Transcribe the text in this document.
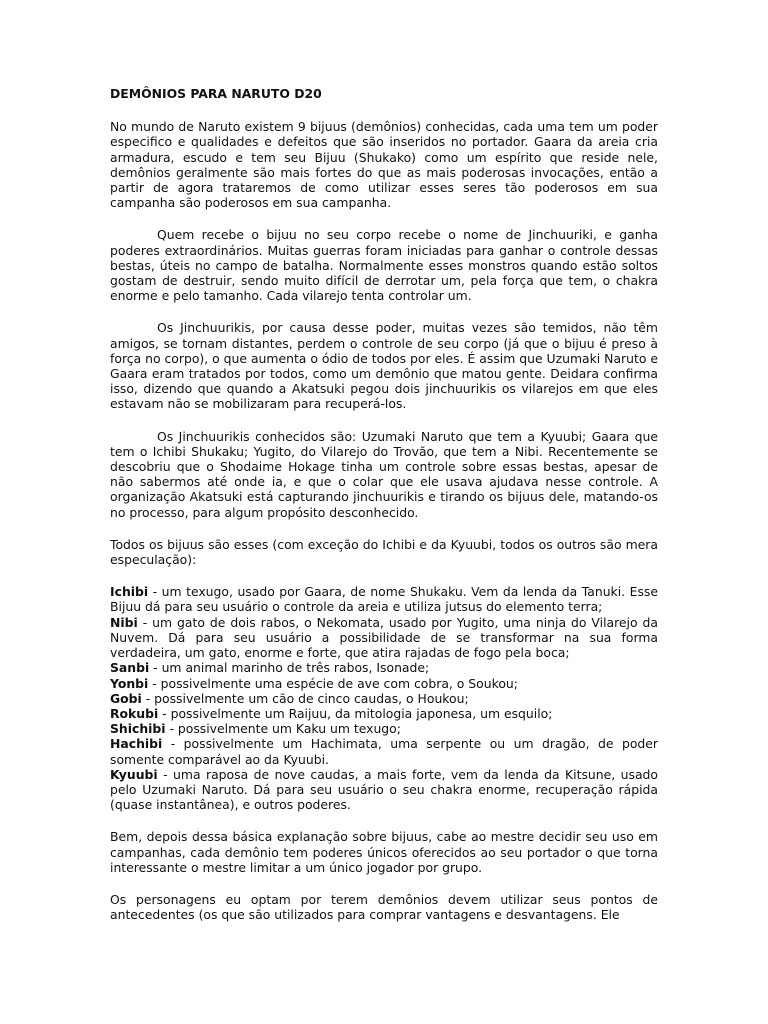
DEMÔNIOS PARA NARUTO D20

No mundo de Naruto existem 9 bijuus (demônios) conhecidas, cada uma tem um poder especifico e qualidades e defeitos que são inseridos no portador. Gaara da areia cria armadura, escudo e tem seu Bijuu (Shukako) como um espírito que reside nele, demônios geralmente são mais fortes do que as mais poderosas invocações, então a partir de agora trataremos de como utilizar esses seres tão poderosos em sua campanha são poderosos em sua campanha.

Quem recebe o bijuu no seu corpo recebe o nome de Jinchuuriki, e ganha poderes extraordinários. Muitas guerras foram iniciadas para ganhar o controle dessas bestas, úteis no campo de batalha. Normalmente esses monstros quando estão soltos gostam de destruir, sendo muito difícil de derrotar um, pela força que tem, o chakra enorme e pelo tamanho. Cada vilarejo tenta controlar um.

Os Jinchuurikis, por causa desse poder, muitas vezes são temidos, não têm amigos, se tornam distantes, perdem o controle de seu corpo (já que o bijuu é preso à força no corpo), o que aumenta o ódio de todos por eles. É assim que Uzumaki Naruto e Gaara eram tratados por todos, como um demônio que matou gente. Deidara confirma isso, dizendo que quando a Akatsuki pegou dois jinchuurikis os vilarejos em que eles estavam não se mobilizaram para recuperá-los.

Os Jinchuurikis conhecidos são: Uzumaki Naruto que tem a Kyuubi; Gaara que tem o Ichibi Shukaku; Yugito, do Vilarejo do Trovão, que tem a Nibi. Recentemente se descobriu que o Shodaime Hokage tinha um controle sobre essas bestas, apesar de não sabermos até onde ia, e que o colar que ele usava ajudava nesse controle. A organização Akatsuki está capturando jinchuurikis e tirando os bijuus dele, matando-os no processo, para algum propósito desconhecido.

Todos os bijuus são esses (com exceção do Ichibi e da Kyuubi, todos os outros são mera especulação):

Ichibi - um texugo, usado por Gaara, de nome Shukaku. Vem da lenda da Tanuki. Esse Bijuu dá para seu usuário o controle da areia e utiliza jutsus do elemento terra;
Nibi - um gato de dois rabos, o Nekomata, usado por Yugito, uma ninja do Vilarejo da Nuvem. Dá para seu usuário a possibilidade de se transformar na sua forma verdadeira, um gato, enorme e forte, que atira rajadas de fogo pela boca;
Sanbi - um animal marinho de três rabos, Isonade;
Yonbi - possivelmente uma espécie de ave com cobra, o Soukou;
Gobi - possivelmente um cão de cinco caudas, o Houkou;
Rokubi - possivelmente um Raijuu, da mitologia japonesa, um esquilo;
Shichibi - possivelmente um Kaku um texugo;
Hachibi - possivelmente um Hachimata, uma serpente ou um dragão, de poder somente comparável ao da Kyuubi.
Kyuubi - uma raposa de nove caudas, a mais forte, vem da lenda da Kitsune, usado pelo Uzumaki Naruto. Dá para seu usuário o seu chakra enorme, recuperação rápida (quase instantânea), e outros poderes.

Bem, depois dessa básica explanação sobre bijuus, cabe ao mestre decidir seu uso em campanhas, cada demônio tem poderes únicos oferecidos ao seu portador o que torna interessante o mestre limitar a um único jogador por grupo.

Os personagens eu optam por terem demônios devem utilizar seus pontos de antecedentes (os que são utilizados para comprar vantagens e desvantagens. Ele
